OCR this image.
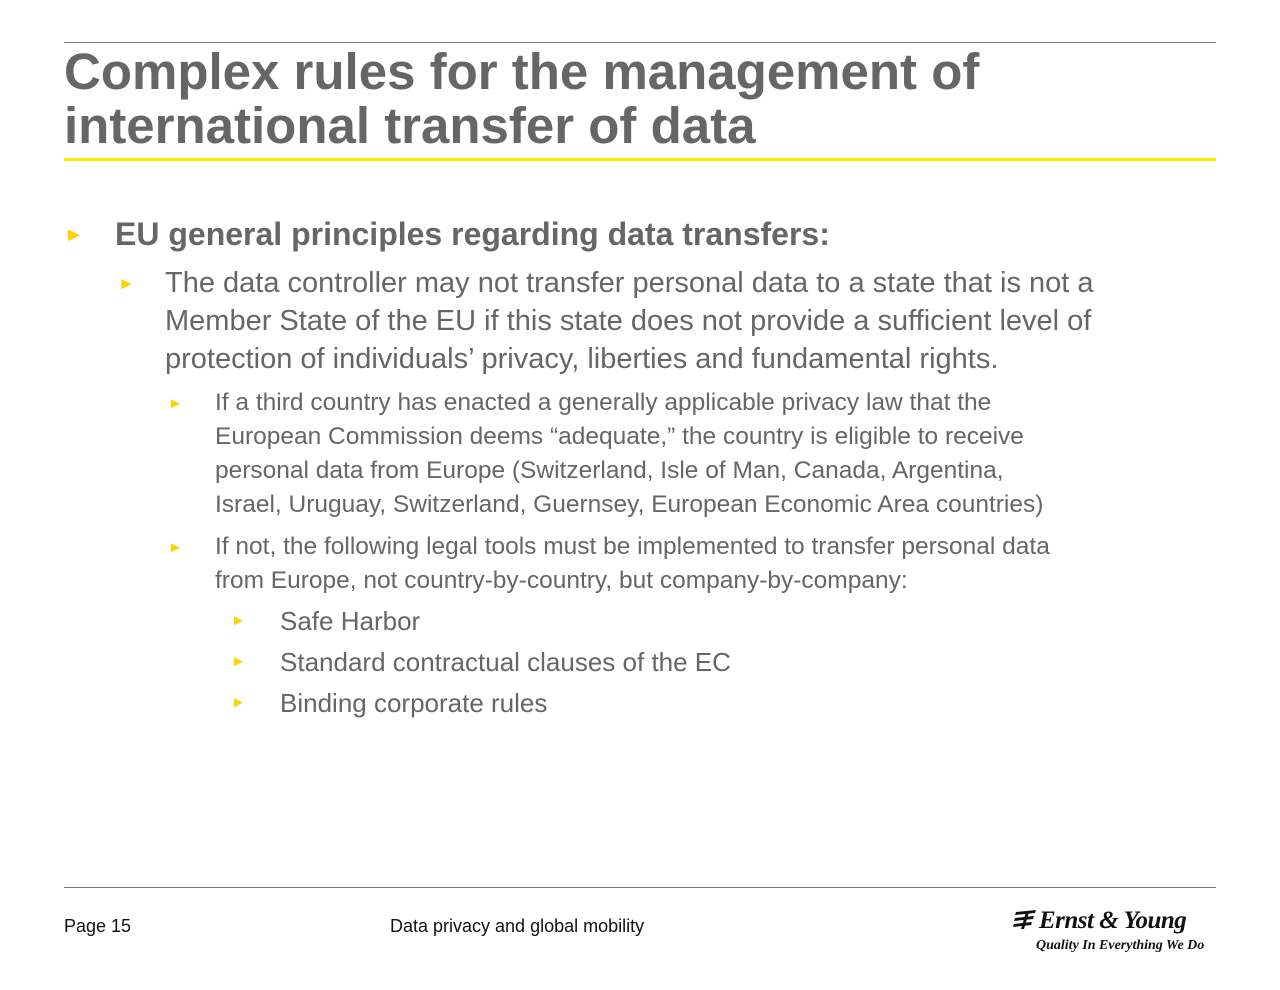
Complex rules for the management of
international transfer of data
► EU general principles regarding data transfers:
► The data controller may not transfer personal data to a state that is not a
Member State of the EU if this state does not provide a sufficient level of
protection of individuals’ privacy, liberties and fundamental rights.
► If a third country has enacted a generally applicable privacy law that the
European Commission deems “adequate,” the country is eligible to receive
personal data from Europe (Switzerland, Isle of Man, Canada, Argentina,
Israel, Uruguay, Switzerland, Guernsey, European Economic Area countries)
► If not, the following legal tools must be implemented to transfer personal data
from Europe, not country-by-country, but company-by-company:
► Safe Harbor
► Standard contractual clauses of the EC
► Binding corporate rules
Page 15	Data privacy and global mobility	Ernst & Young
Quality In Everything We Do
